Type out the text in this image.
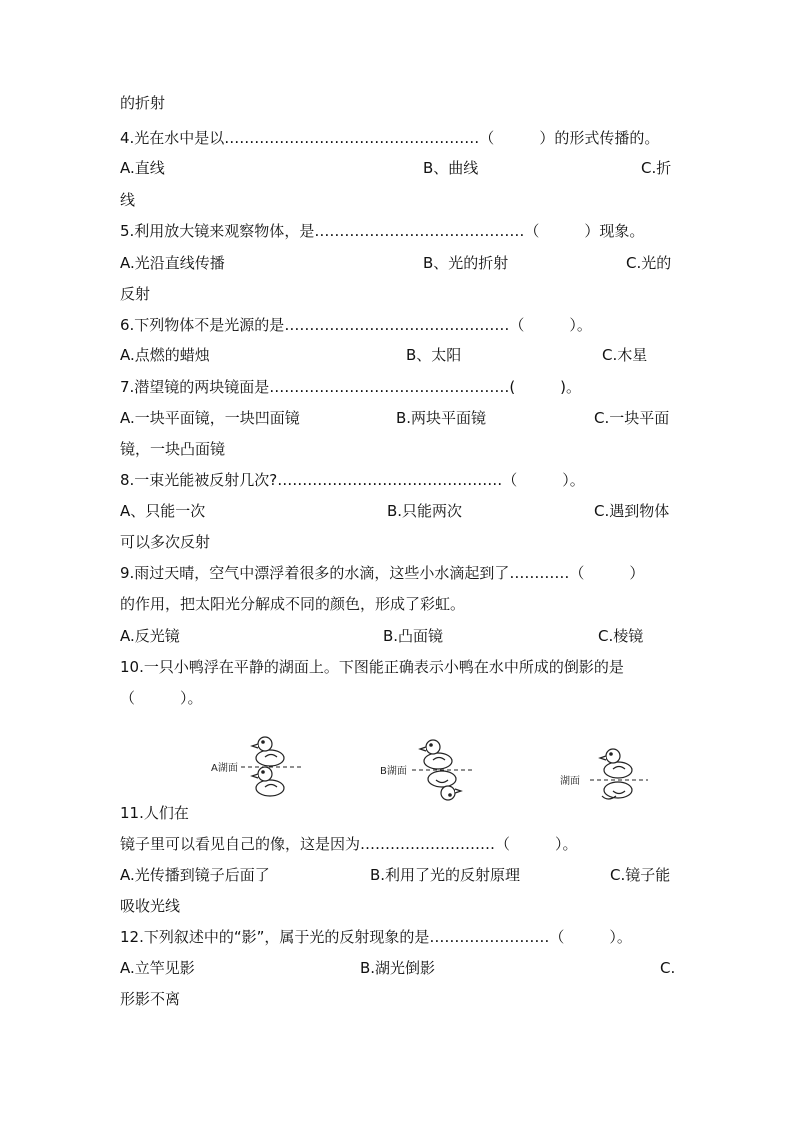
的折射
4.光在水中是以……………………………………………（　　　）的形式传播的。
A.直线	B、曲线	C.折
线
5.利用放大镜来观察物体，是……………………………………（　　　）现象。
A.光沿直线传播	B、光的折射	C.光的
反射
6.下列物体不是光源的是………………………………………（　　　）。
A.点燃的蜡烛	B、太阳	C.木星
7.潜望镜的两块镜面是…………………………………………(　　　)。
A.一块平面镜，一块凹面镜	B.两块平面镜	C.一块平面
镜，一块凸面镜
8.一束光能被反射几次?………………………………………（　　　）。
A、只能一次	B.只能两次	C.遇到物体
可以多次反射
9.雨过天晴，空气中漂浮着很多的水滴，这些小水滴起到了…………（　　　）
的作用，把太阳光分解成不同的颜色，形成了彩虹。
A.反光镜	B.凸面镜	C.棱镜
10.一只小鸭浮在平静的湖面上。下图能正确表示小鸭在水中所成的倒影的是
（　　　）。
A湖面	B湖面
湖面
11.人们在
镜子里可以看见自己的像，这是因为………………………（　　　）。
A.光传播到镜子后面了	B.利用了光的反射原理	C.镜子能
吸收光线
12.下列叙述中的“影”，属于光的反射现象的是……………………（　　　）。
A.立竿见影	B.湖光倒影	C.
形影不离
